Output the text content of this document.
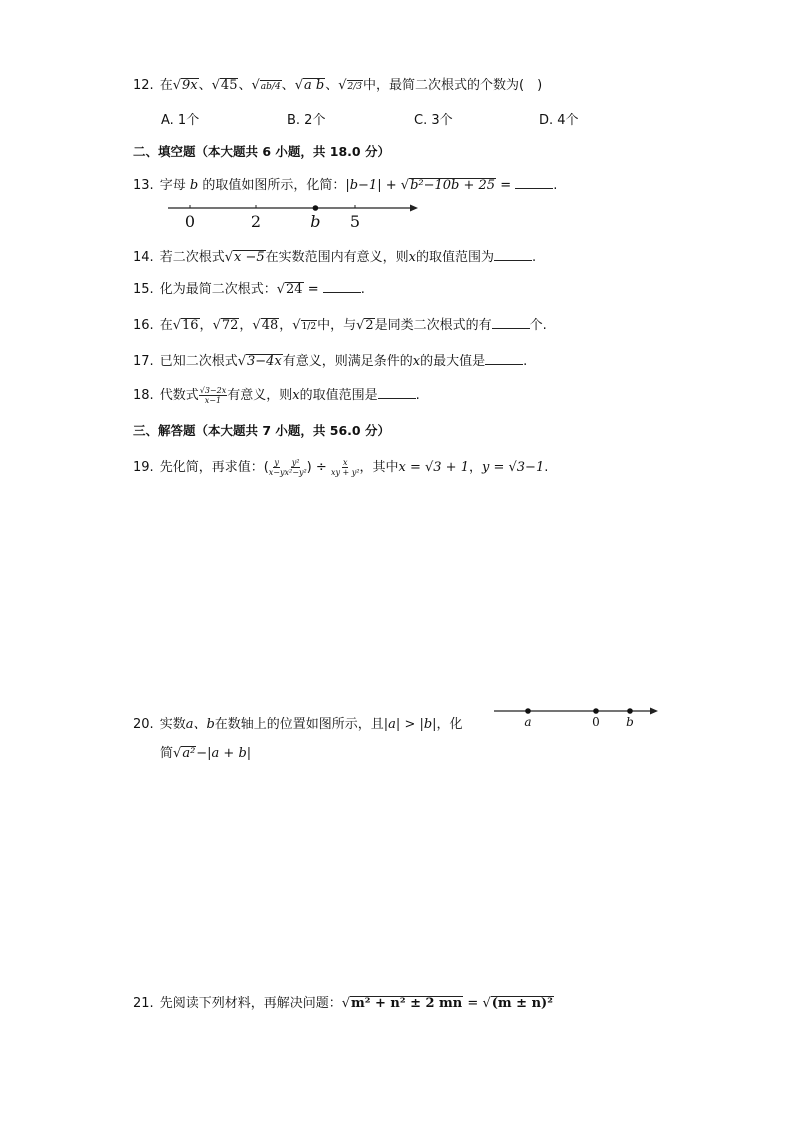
12. 在√9x、√45、√ab/4、√a b、√2/3中，最简二次根式的个数为(　)
A. 1个	B. 2个	C. 3个	D. 4个
二、填空题（本大题共 6 小题，共 18.0 分）
13. 字母 b 的取值如图所示，化简：|b−1| + √b²−10b + 25 =	.
0	2	b 5
14. 若二次根式√x −5在实数范围内有意义，则x的取值范围为	.
15. 化为最简二次根式：√24 =	.
16. 在√16，√72，√48，√1/2中，与√2是同类二次根式的有	个.
17. 已知二次根式√3−4x有意义，则满足条件的x的最大值是	.
18. 代数式 $\frac{√3-2x}{x-1}$ 有意义，则x的取值范围是	.
三、解答题（本大题共 7 小题，共 56.0 分）
19. 先化简，再求值：( $\frac{y}{x-y} \frac{\text{y²}}{\text{x²−y²}}$ ) ÷ $\frac{x}{\text{xy + y²}}$ ，其中x = √3 + 1，y = √3−1.
20. 实数a、b在数轴上的位置如图所示，且|a| > |b|，化
简√a²−|a + b|
a	0 b
21. 先阅读下列材料，再解决问题：√m² + n² ± 2 mn = √(m ± n)²
